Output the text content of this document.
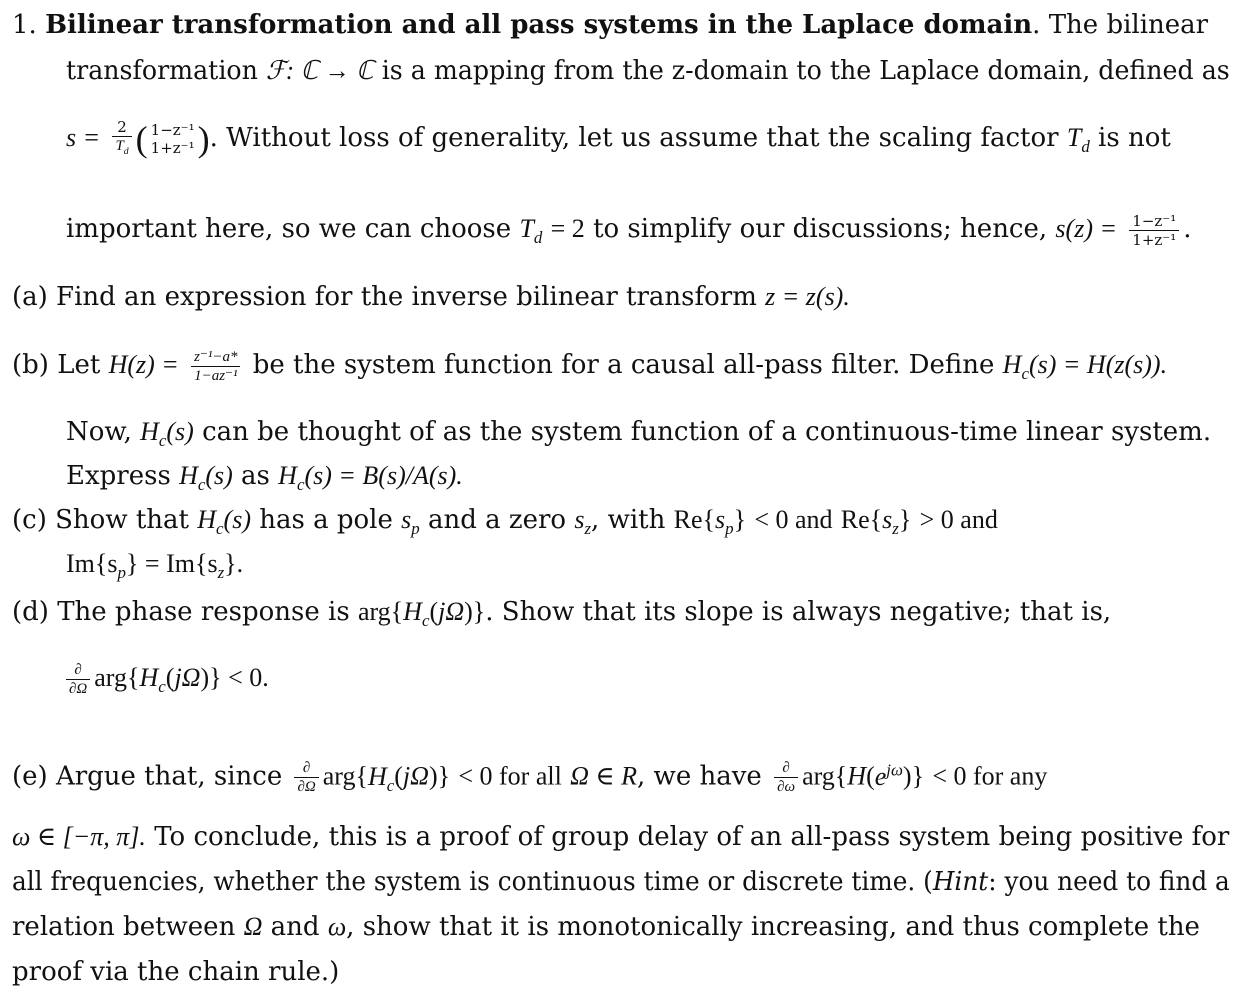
1. Bilinear transformation and all pass systems in the Laplace domain. The bilinear
transformation ℱ: ℂ → ℂ is a mapping from the z-domain to the Laplace domain, defined as
$s = \frac{2}{T_d}$ ( 1−z⁻¹
1+z⁻¹ ). Without loss of generality, let us assume that the scaling factor $T_d$ is not
important here, so we can choose $T_d = 2$ to simplify our discussions; hence, $s(z) = \frac{\text{1−z⁻¹}}{\text{1+z⁻¹}}$ .
(a) Find an expression for the inverse bilinear transform z = z(s).
(b) Let $H(z) = \frac{\text{z⁻¹−a*}}{\text{1−az⁻¹}}$ be the system function for a causal all-pass filter. Define $H_c(s) = H(z(s))$.
Now, $H_c(s)$ can be thought of as the system function of a continuous-time linear system.
Express $H_c(s)$ as $H_c(s) = B(s)/A(s)$.
(c) Show that $H_c(s)$ has a pole $s_p$ and a zero $s_z$, with $Re\{s_p\} < 0$ and $Re\{s_z\} > 0$ and
$Im\{s_p\} = Im\{s_z\}$.
(d) The phase response is $arg\{H_c(j\Omega)\}$. Show that its slope is always negative; that is,
$\frac{\partial}{\partial\Omega} arg\{H_c(j\Omega)\} < 0$.
(e) Argue that, since $\frac{\partial}{\partial\Omega} arg\{H_c(j\Omega)\} < 0$ for all Ω ∈ R, we have $\frac{\partial}{\partial\omega} arg\{H(e^{j\omega})\} < 0$ for any
ω ∈ [−π, π]. To conclude, this is a proof of group delay of an all-pass system being positive for
all frequencies, whether the system is continuous time or discrete time. (Hint: you need to find a
relation between Ω and ω, show that it is monotonically increasing, and thus complete the
proof via the chain rule.)
